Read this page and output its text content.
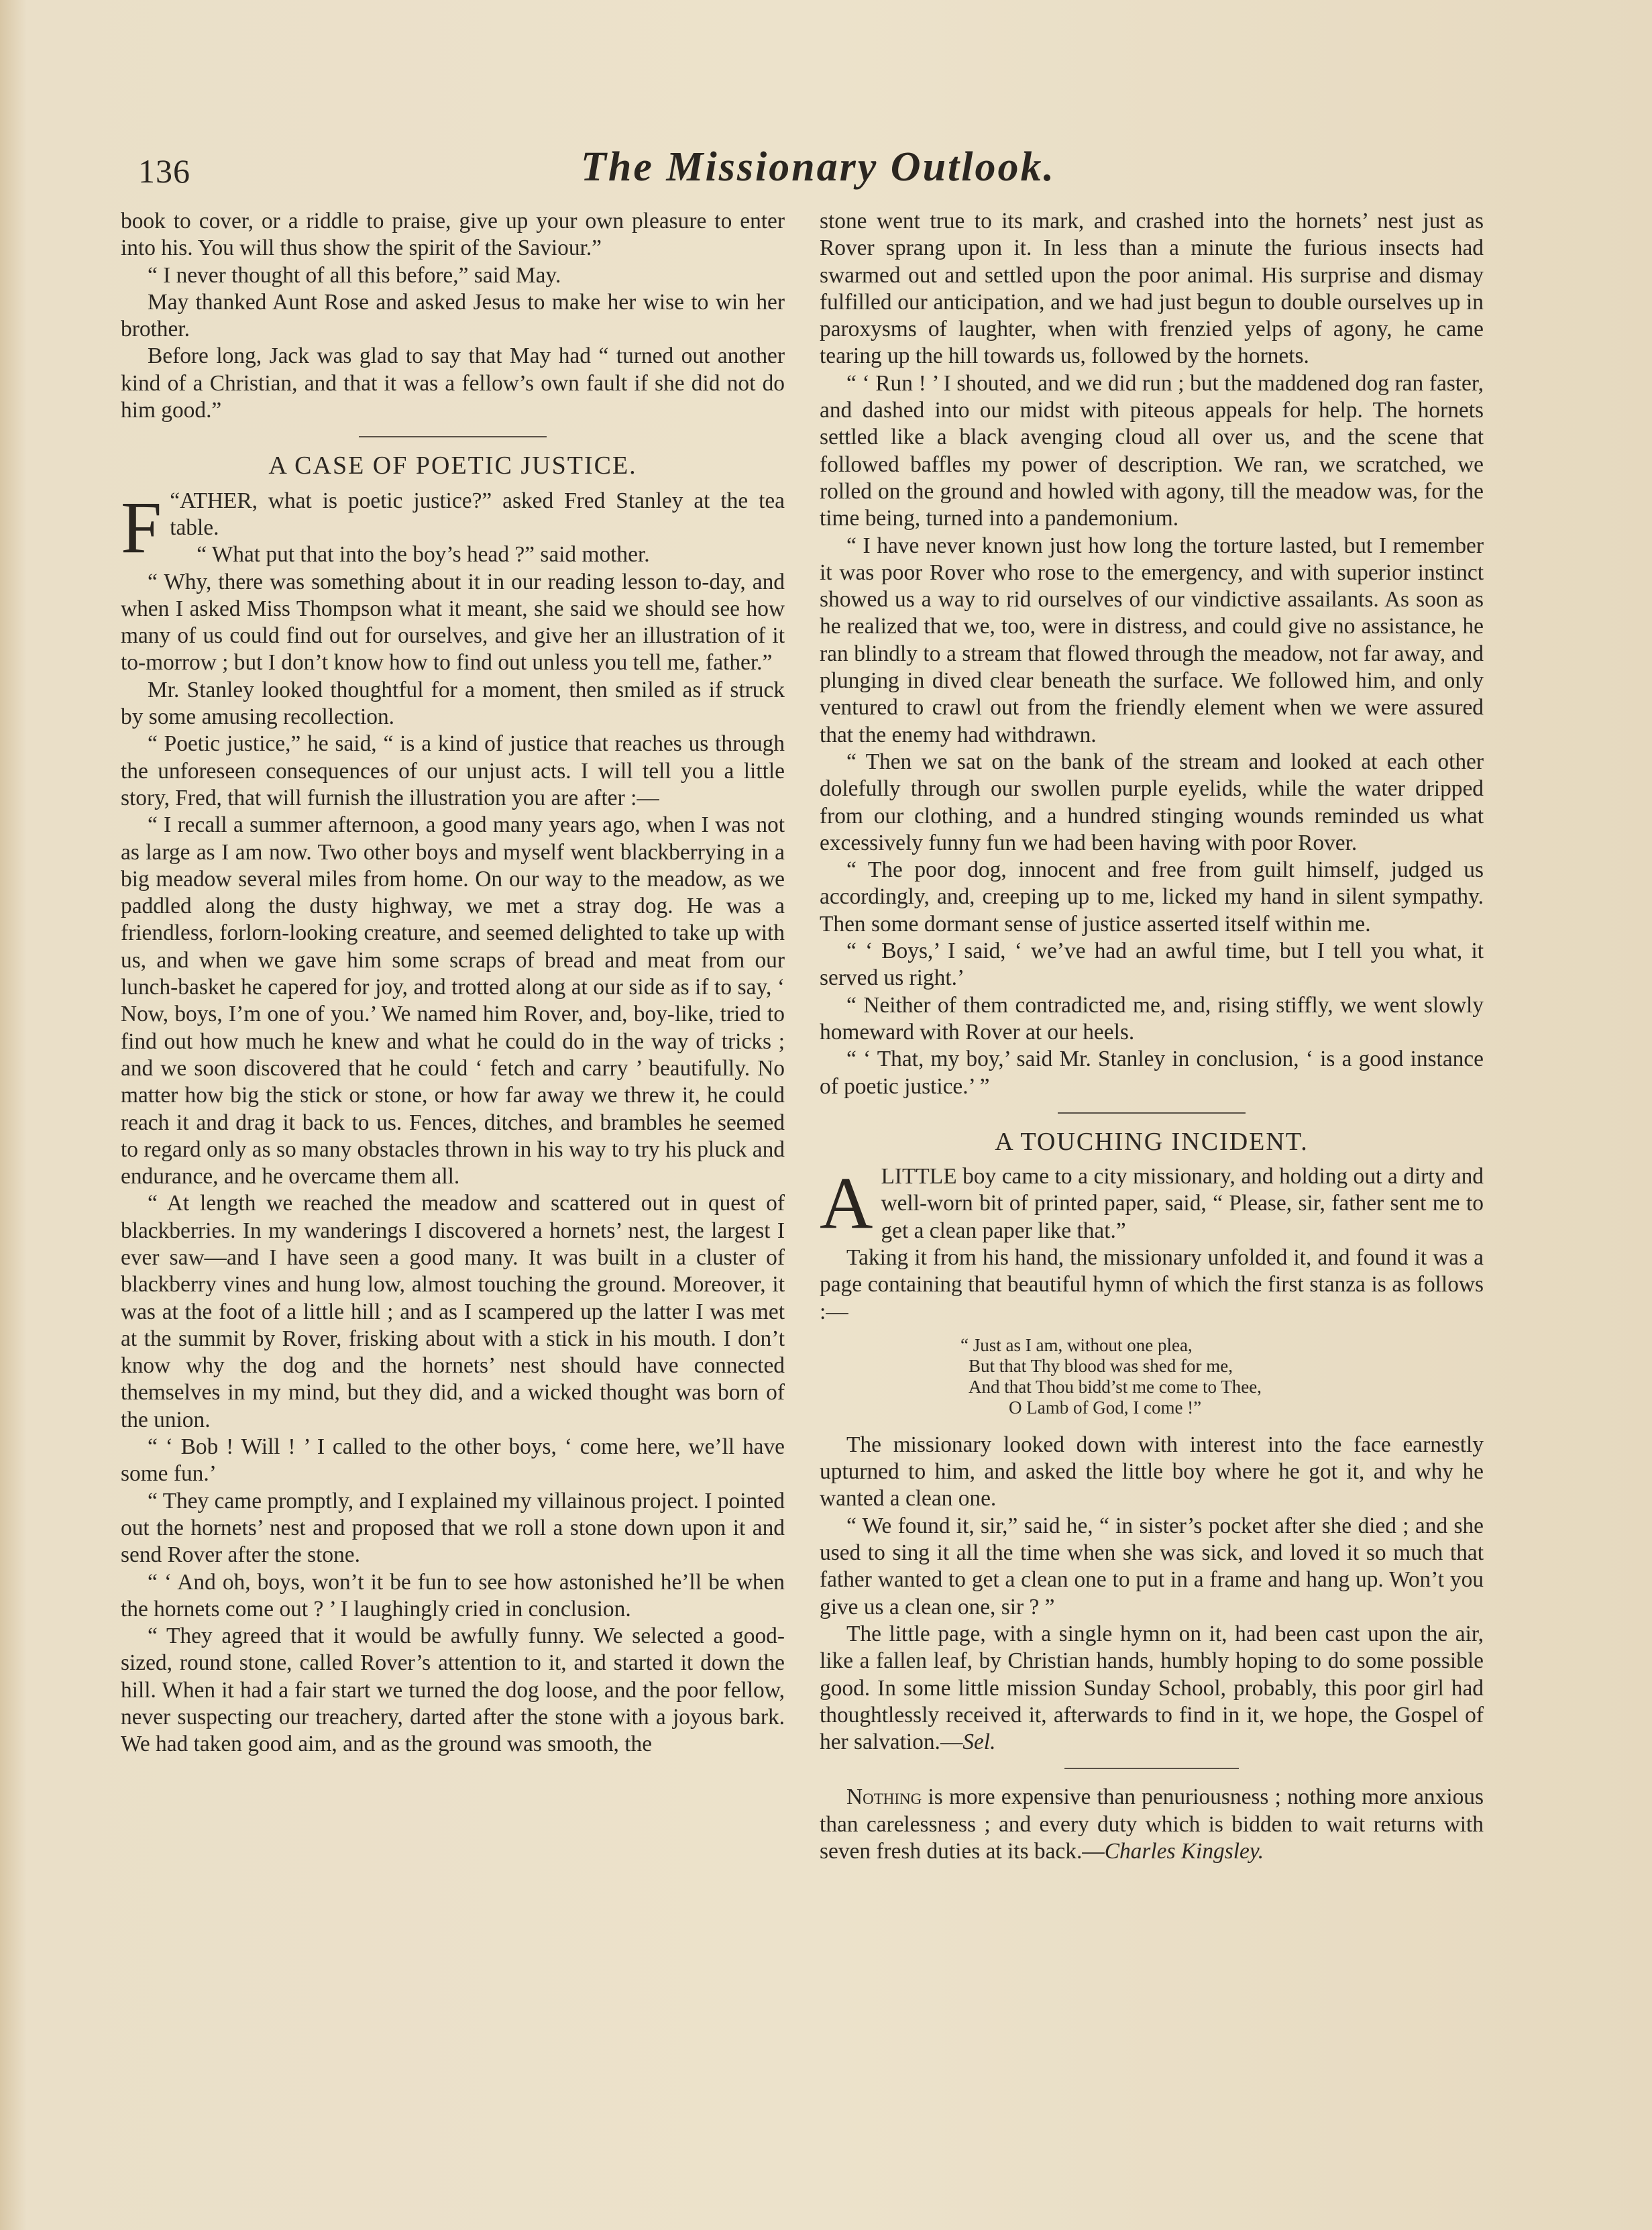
136	The Missionary Outlook.

book to cover, or a riddle to praise, give up your own pleasure to enter into his. You will thus show the spirit of the Saviour.”

“ I never thought of all this before,” said May.

May thanked Aunt Rose and asked Jesus to make her wise to win her brother.

Before long, Jack was glad to say that May had “ turned out another kind of a Christian, and that it was a fellow’s own fault if she did not do him good.”

A CASE OF POETIC JUSTICE.

“
F ATHER, what is poetic justice?” asked Fred Stanley at the tea table.

“ What put that into the boy’s head ?” said mother.

“ Why, there was something about it in our reading lesson to-day, and when I asked Miss Thompson what it meant, she said we should see how many of us could find out for ourselves, and give her an illustration of it to-morrow ; but I don’t know how to find out unless you tell me, father.”

Mr. Stanley looked thoughtful for a moment, then smiled as if struck by some amusing recollection.

“ Poetic justice,” he said, “ is a kind of justice that reaches us through the unforeseen consequences of our unjust acts. I will tell you a little story, Fred, that will furnish the illustration you are after :—

“ I recall a summer afternoon, a good many years ago, when I was not as large as I am now. Two other boys and myself went blackberrying in a big meadow several miles from home. On our way to the meadow, as we paddled along the dusty highway, we met a stray dog. He was a friendless, forlorn-looking creature, and seemed delighted to take up with us, and when we gave him some scraps of bread and meat from our lunch-basket he capered for joy, and trotted along at our side as if to say, ‘ Now, boys, I’m one of you.’ We named him Rover, and, boy-like, tried to find out how much he knew and what he could do in the way of tricks ; and we soon discovered that he could ‘ fetch and carry ’ beautifully. No matter how big the stick or stone, or how far away we threw it, he could reach it and drag it back to us. Fences, ditches, and brambles he seemed to regard only as so many obstacles thrown in his way to try his pluck and endurance, and he overcame them all.

“ At length we reached the meadow and scattered out in quest of blackberries. In my wanderings I discovered a hornets’ nest, the largest I ever saw—and I have seen a good many. It was built in a cluster of blackberry vines and hung low, almost touching the ground. Moreover, it was at the foot of a little hill ; and as I scampered up the latter I was met at the summit by Rover, frisking about with a stick in his mouth. I don’t know why the dog and the hornets’ nest should have connected themselves in my mind, but they did, and a wicked thought was born of the union.

“ ‘ Bob ! Will ! ’ I called to the other boys, ‘ come here, we’ll have some fun.’

“ They came promptly, and I explained my villainous project. I pointed out the hornets’ nest and proposed that we roll a stone down upon it and send Rover after the stone.

“ ‘ And oh, boys, won’t it be fun to see how astonished he’ll be when the hornets come out ? ’ I laughingly cried in conclusion.

“ They agreed that it would be awfully funny. We selected a good-sized, round stone, called Rover’s attention to it, and started it down the hill. When it had a fair start we turned the dog loose, and the poor fellow, never suspecting our treachery, darted after the stone with a joyous bark. We had taken good aim, and as the ground was smooth, the

stone went true to its mark, and crashed into the hornets’ nest just as Rover sprang upon it. In less than a minute the furious insects had swarmed out and settled upon the poor animal. His surprise and dismay fulfilled our anticipation, and we had just begun to double ourselves up in paroxysms of laughter, when with frenzied yelps of agony, he came tearing up the hill towards us, followed by the hornets.

“ ‘ Run ! ’ I shouted, and we did run ; but the maddened dog ran faster, and dashed into our midst with piteous appeals for help. The hornets settled like a black avenging cloud all over us, and the scene that followed baffles my power of description. We ran, we scratched, we rolled on the ground and howled with agony, till the meadow was, for the time being, turned into a pandemonium.

“ I have never known just how long the torture lasted, but I remember it was poor Rover who rose to the emergency, and with superior instinct showed us a way to rid ourselves of our vindictive assailants. As soon as he realized that we, too, were in distress, and could give no assistance, he ran blindly to a stream that flowed through the meadow, not far away, and plunging in dived clear beneath the surface. We followed him, and only ventured to crawl out from the friendly element when we were assured that the enemy had withdrawn.

“ Then we sat on the bank of the stream and looked at each other dolefully through our swollen purple eyelids, while the water dripped from our clothing, and a hundred stinging wounds reminded us what excessively funny fun we had been having with poor Rover.

“ The poor dog, innocent and free from guilt himself, judged us accordingly, and, creeping up to me, licked my hand in silent sympathy. Then some dormant sense of justice asserted itself within me.

“ ‘ Boys,’ I said, ‘ we’ve had an awful time, but I tell you what, it served us right.’

“ Neither of them contradicted me, and, rising stiffly, we went slowly homeward with Rover at our heels.

“ ‘ That, my boy,’ said Mr. Stanley in conclusion, ‘ is a good instance of poetic justice.’ ”

A TOUCHING INCIDENT.

ALITTLE boy came to a city missionary, and holding out a dirty and well-worn bit of printed paper, said, “ Please, sir, father sent me to get a clean paper like that.”

Taking it from his hand, the missionary unfolded it, and found it was a page containing that beautiful hymn of which the first stanza is as follows :—

“ Just as I am, without one plea,
But that Thy blood was shed for me,
And that Thou bidd’st me come to Thee,
O Lamb of God, I come !”

The missionary looked down with interest into the face earnestly upturned to him, and asked the little boy where he got it, and why he wanted a clean one.

“ We found it, sir,” said he, “ in sister’s pocket after she died ; and she used to sing it all the time when she was sick, and loved it so much that father wanted to get a clean one to put in a frame and hang up. Won’t you give us a clean one, sir ? ”

The little page, with a single hymn on it, had been cast upon the air, like a fallen leaf, by Christian hands, humbly hoping to do some possible good. In some little mission Sunday School, probably, this poor girl had thoughtlessly received it, afterwards to find in it, we hope, the Gospel of her salvation.—Sel.

Nothing is more expensive than penuriousness ; nothing more anxious than carelessness ; and every duty which is bidden to wait returns with seven fresh duties at its back.—Charles Kingsley.
